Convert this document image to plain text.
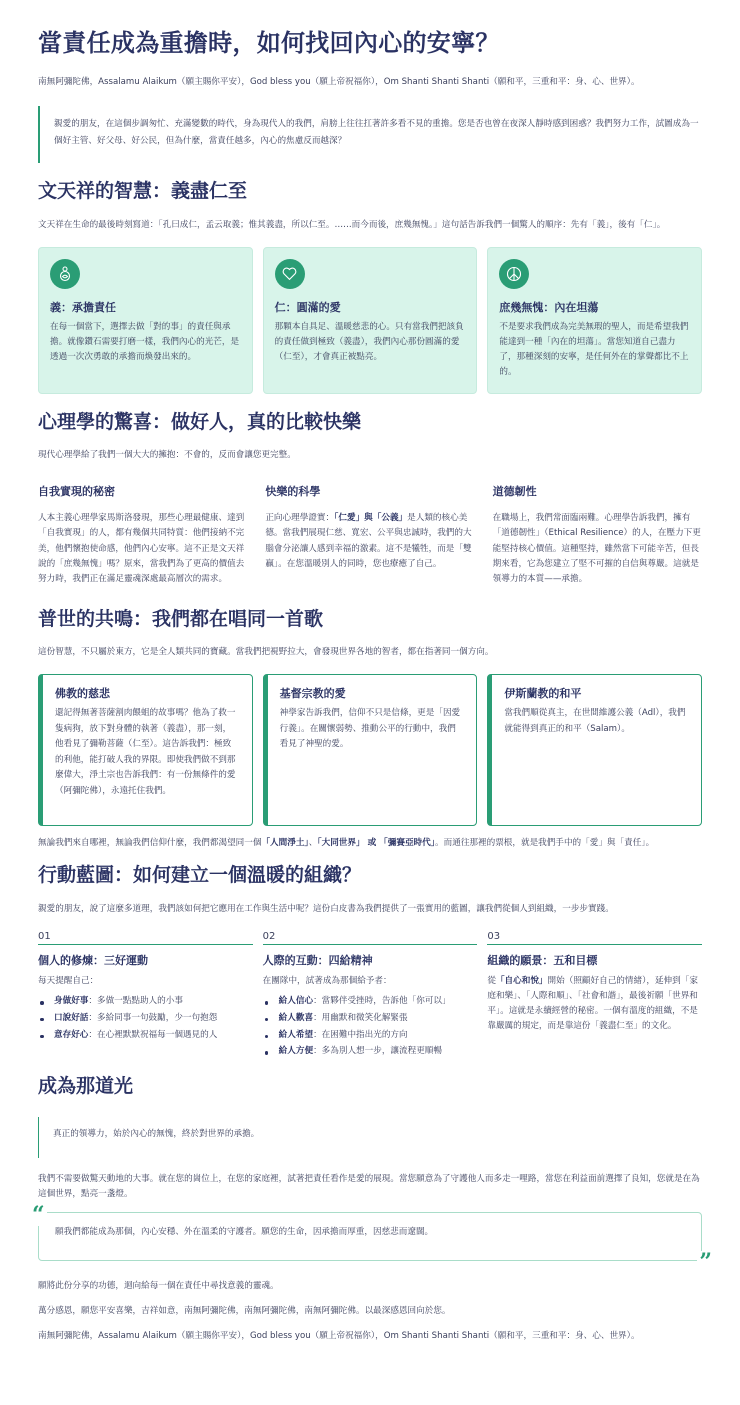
當責任成為重擔時，如何找回內心的安寧？

南無阿彌陀佛，Assalamu Alaikum（願主賜你平安），God bless you（願上帝祝福你），Om Shanti Shanti Shanti（願和平，三重和平：身、心、世界）。

親愛的朋友，在這個步調匆忙、充滿變數的時代，身為現代人的我們，肩膀上往往扛著許多看不見的重擔。您是否也曾在夜深人靜時感到困惑？我們努力工作，試圖成為一個好主管、好父母、好公民，但為什麼，當責任越多，內心的焦慮反而越深？

文天祥的智慧：義盡仁至

文天祥在生命的最後時刻寫道：「孔曰成仁，孟云取義；惟其義盡，所以仁至。……而今而後，庶幾無愧。」這句話告訴我們一個驚人的順序：先有「義」，後有「仁」。

義：承擔責任

在每一個當下，選擇去做「對的事」的責任與承擔。就像鑽石需要打磨一樣，我們內心的光芒，是透過一次次勇敢的承擔而煥發出來的。

仁：圓滿的愛

那顆本自具足、溫暖慈悲的心。只有當我們把該負的責任做到極致（義盡），我們內心那份圓滿的愛（仁至），才會真正被點亮。

庶幾無愧：內在坦蕩

不是要求我們成為完美無瑕的聖人，而是希望我們能達到一種「內在的坦蕩」。當您知道自己盡力了，那種深刻的安寧，是任何外在的掌聲都比不上的。

心理學的驚喜：做好人，真的比較快樂

現代心理學給了我們一個大大的擁抱：不會的，反而會讓您更完整。

自我實現的秘密

人本主義心理學家馬斯洛發現，那些心理最健康、達到「自我實現」的人，都有幾個共同特質：他們接納不完美，他們懷抱使命感，他們內心安寧。這不正是文天祥說的「庶幾無愧」嗎？原來，當我們為了更高的價值去努力時，我們正在滿足靈魂深處最高層次的需求。

快樂的科學

正向心理學證實：「仁愛」與「公義」是人類的核心美德。當我們展現仁慈、寬宏、公平與忠誠時，我們的大腦會分泌讓人感到幸福的激素。這不是犧牲，而是「雙贏」。在您溫暖別人的同時，您也療癒了自己。

道德韌性

在職場上，我們常面臨兩難。心理學告訴我們，擁有「道德韌性」（Ethical Resilience）的人，在壓力下更能堅持核心價值。這種堅持，雖然當下可能辛苦，但長期來看，它為您建立了堅不可摧的自信與尊嚴。這就是領導力的本質——承擔。

普世的共鳴：我們都在唱同一首歌

這份智慧，不只屬於東方，它是全人類共同的寶藏。當我們把視野拉大，會發現世界各地的智者，都在指著同一個方向。

佛教的慈悲

還記得無著菩薩割肉餵蛆的故事嗎？他為了救一隻病狗，放下對身體的執著（義盡），那一刻，他看見了彌勒菩薩（仁至）。這告訴我們：極致的利他，能打破人我的界限。即使我們做不到那麼偉大，淨土宗也告訴我們：有一份無條件的愛（阿彌陀佛），永遠托住我們。

基督宗教的愛

神學家告訴我們，信仰不只是信條，更是「因愛行義」。在關懷弱勢、推動公平的行動中，我們看見了神聖的愛。

伊斯蘭教的和平

當我們順從真主，在世間維護公義（Adl），我們就能得到真正的和平（Salam）。

無論我們來自哪裡，無論我們信仰什麼，我們都渴望同一個「人間淨土」、「大同世界」 或 「彌賽亞時代」。而通往那裡的票根，就是我們手中的「愛」與「責任」。

行動藍圖：如何建立一個溫暖的組織？

親愛的朋友，說了這麼多道理，我們該如何把它應用在工作與生活中呢？這份白皮書為我們提供了一張實用的藍圖，讓我們從個人到組織，一步步實踐。

01
個人的修煉：三好運動

每天提醒自己：

身做好事：多做一點點助人的小事
口說好話：多給同事一句鼓勵，少一句抱怨
意存好心：在心裡默默祝福每一個遇見的人
02
人際的互動：四給精神

在團隊中，試著成為那個給予者：

給人信心：當夥伴受挫時，告訴他「你可以」
給人歡喜：用幽默和微笑化解緊張
給人希望：在困難中指出光的方向
給人方便：多為別人想一步，讓流程更順暢
03
組織的願景：五和目標

從「自心和悅」開始（照顧好自己的情緒），延伸到「家庭和樂」、「人際和順」、「社會和諧」，最後祈願「世界和平」。這就是永續經營的秘密。一個有溫度的組織，不是靠嚴厲的規定，而是靠這份「義盡仁至」的文化。

成為那道光

真正的領導力，始於內心的無愧，終於對世界的承擔。

我們不需要做驚天動地的大事。就在您的崗位上，在您的家庭裡，試著把責任看作是愛的展現。當您願意為了守護他人而多走一哩路，當您在利益面前選擇了良知，您就是在為這個世界，點亮一盞燈。

“

願我們都能成為那個，內心安穩、外在溫柔的守護者。願您的生命，因承擔而厚重，因慈悲而遼闊。

”

願將此份分享的功德，迴向給每一個在責任中尋找意義的靈魂。

萬分感恩，願您平安喜樂，吉祥如意，南無阿彌陀佛，南無阿彌陀佛，南無阿彌陀佛。以最深感恩回向於您。

南無阿彌陀佛，Assalamu Alaikum（願主賜你平安），God bless you（願上帝祝福你），Om Shanti Shanti Shanti（願和平，三重和平：身、心、世界）。
